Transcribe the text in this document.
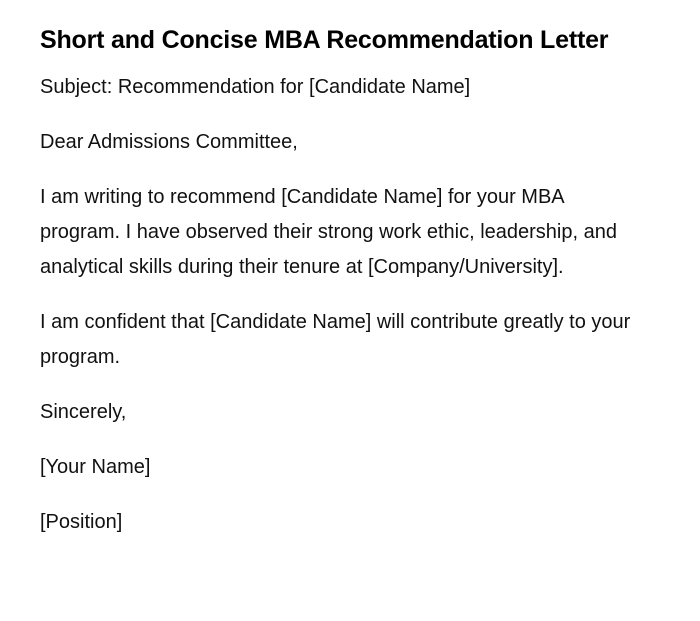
Short and Concise MBA Recommendation Letter

Subject: Recommendation for [Candidate Name]

Dear Admissions Committee,

I am writing to recommend [Candidate Name] for your MBA program. I have observed their strong work ethic, leadership, and analytical skills during their tenure at [Company/University].

I am confident that [Candidate Name] will contribute greatly to your program.

Sincerely,

[Your Name]

[Position]
